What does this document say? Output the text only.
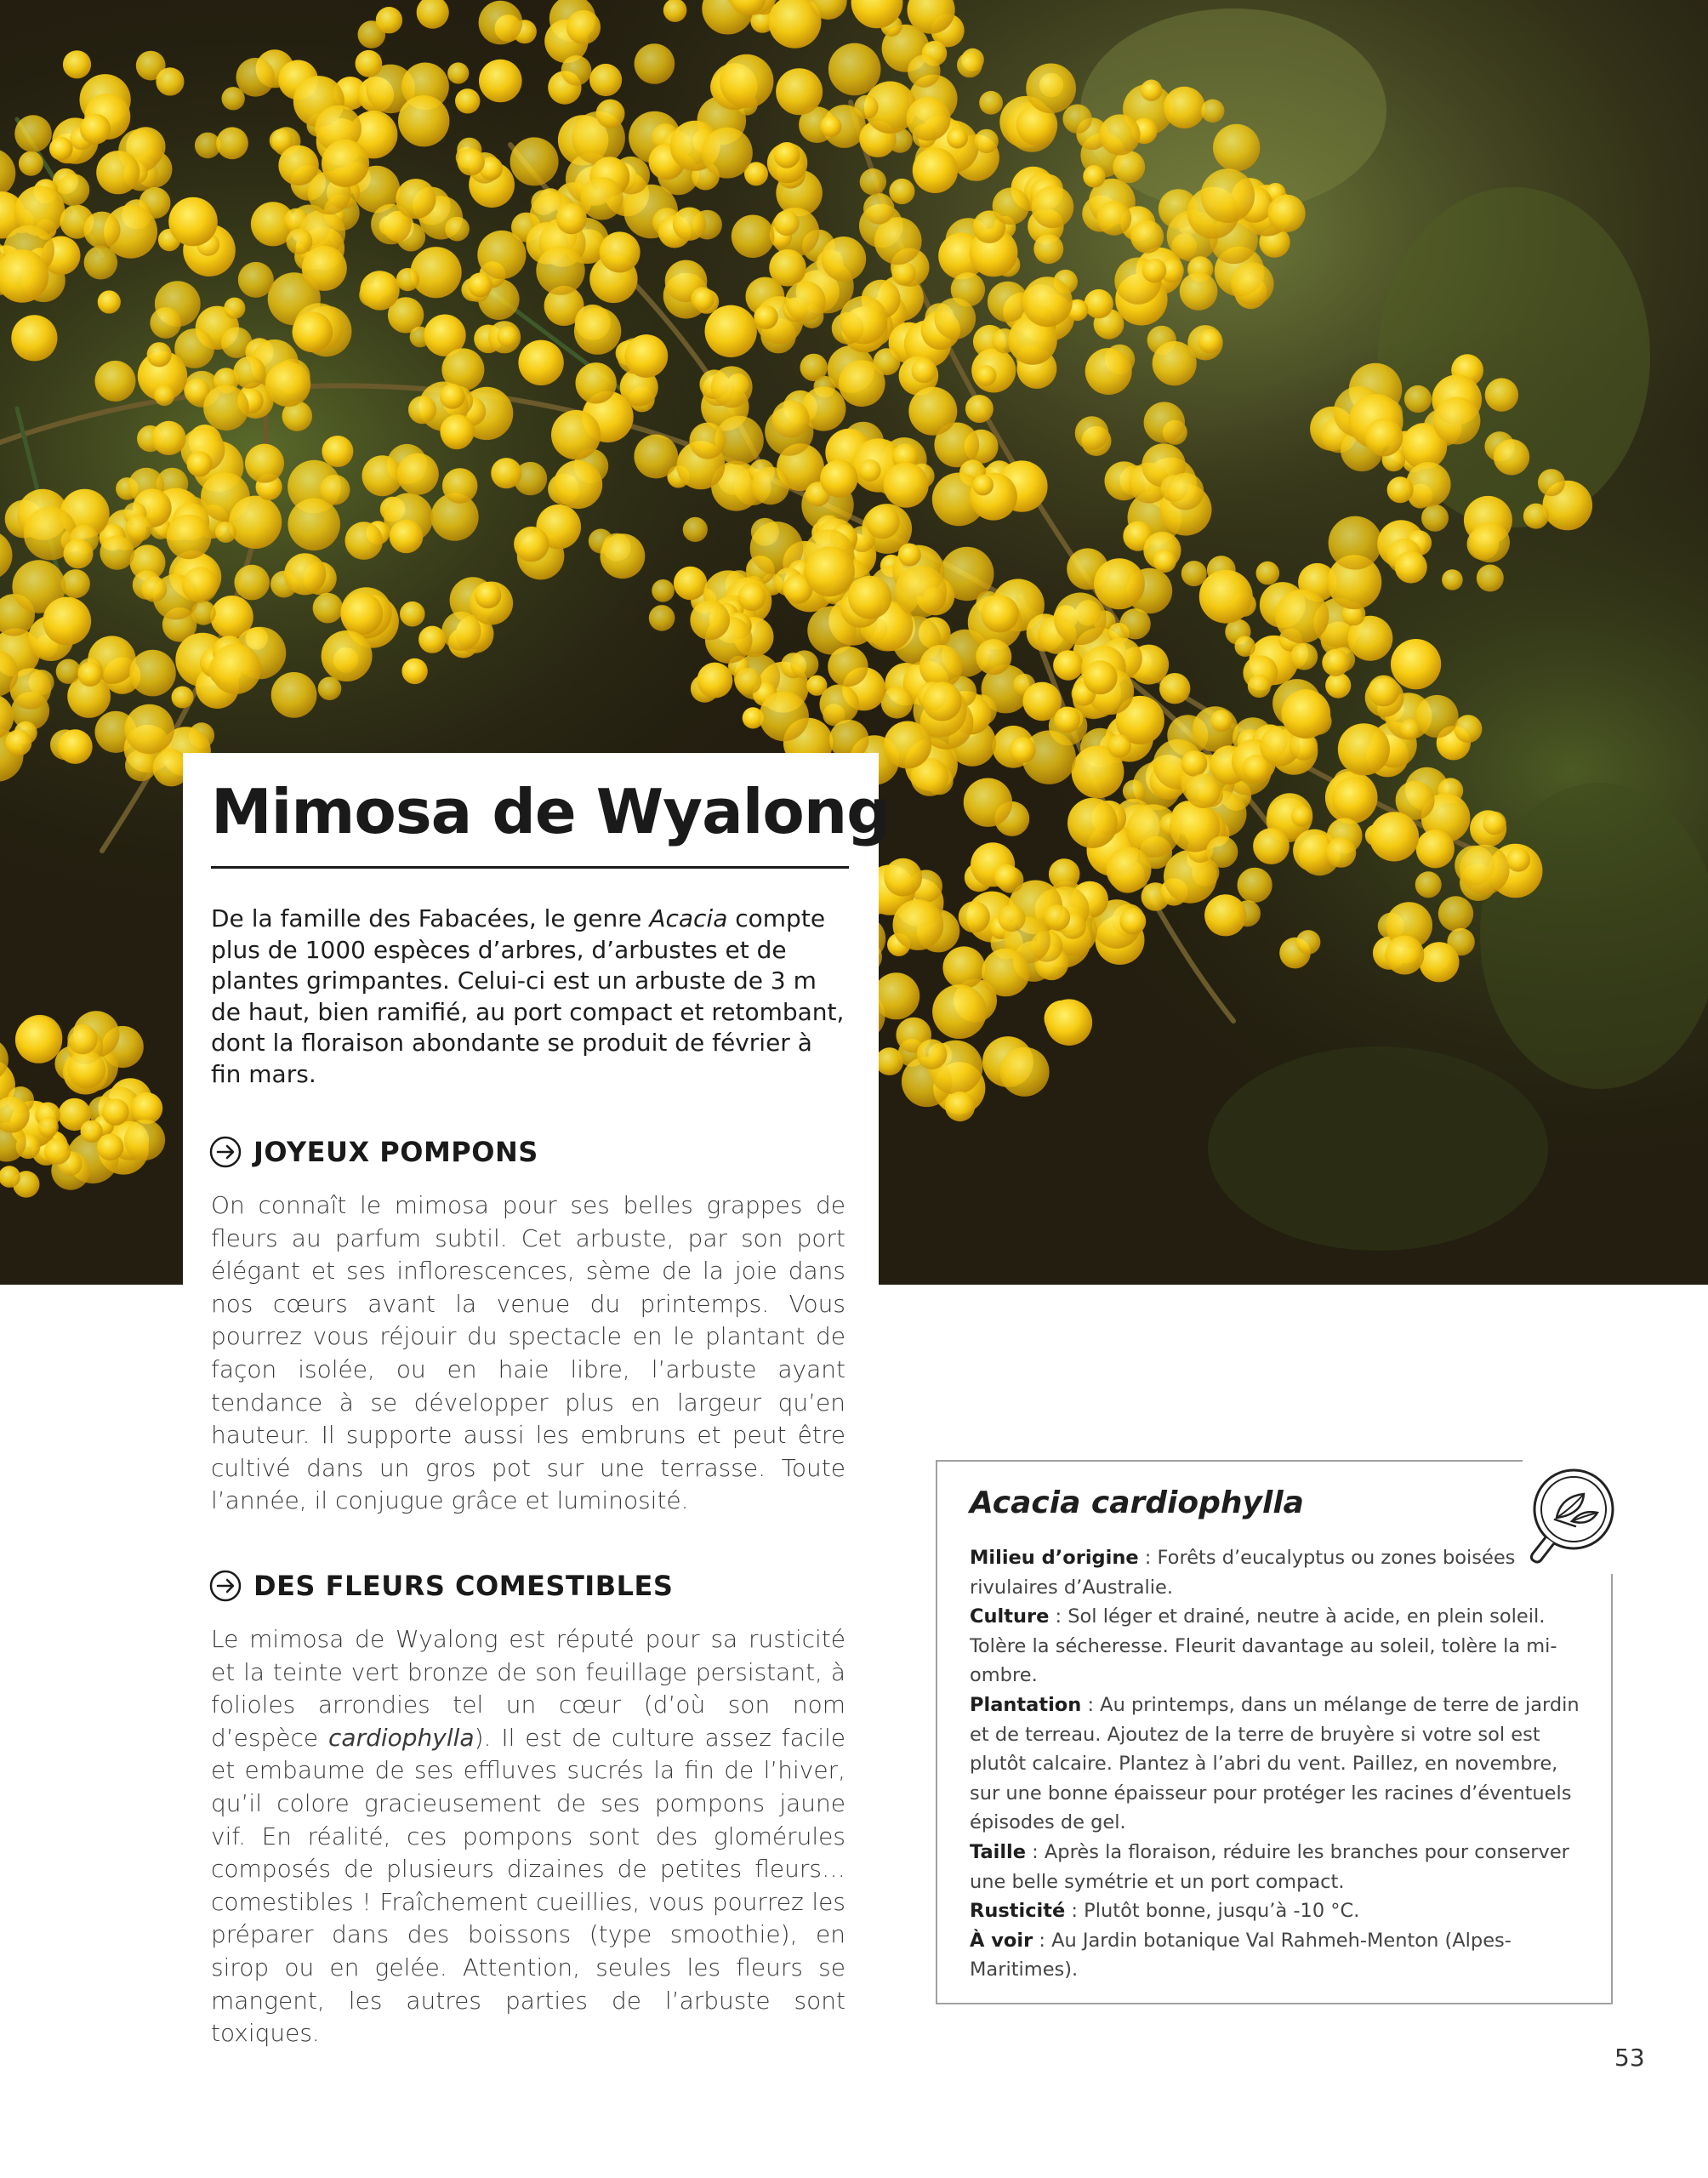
Mimosa de Wyalong

De la famille des Fabacées, le genre Acacia compte plus de 1000 espèces d’arbres, d’arbustes et de plantes grimpantes. Celui-ci est un arbuste de 3 m de haut, bien ramifié, au port compact et retombant, dont la floraison abondante se produit de février à fin mars.

JOYEUX POMPONS

On connaît le mimosa pour ses belles grappes de fleurs au parfum subtil. Cet arbuste, par son port élégant et ses inflorescences, sème de la joie dans nos cœurs avant la venue du printemps. Vous pourrez vous réjouir du spectacle en le plantant de façon isolée, ou en haie libre, l’arbuste ayant tendance à se développer plus en largeur qu’en hauteur. Il supporte aussi les embruns et peut être cultivé dans un gros pot sur une terrasse. Toute l’année, il conjugue grâce et luminosité.

DES FLEURS COMESTIBLES

Le mimosa de Wyalong est réputé pour sa rusticité et la teinte vert bronze de son feuillage persistant, à folioles arrondies tel un cœur (d’où son nom d’espèce cardiophylla). Il est de culture assez facile et embaume de ses effluves sucrés la fin de l’hiver, qu’il colore gracieusement de ses pompons jaune vif. En réalité, ces pompons sont des glomérules composés de plusieurs dizaines de petites fleurs… comestibles ! Fraîchement cueillies, vous pourrez les préparer dans des boissons (type smoothie), en sirop ou en gelée. Attention, seules les fleurs se mangent, les autres parties de l’arbuste sont toxiques.

Acacia cardiophylla

Milieu d’origine : Forêts d’eucalyptus ou zones boisées rivulaires d’Australie.
Culture : Sol léger et drainé, neutre à acide, en plein soleil. Tolère la sécheresse. Fleurit davantage au soleil, tolère la mi-ombre.
Plantation : Au printemps, dans un mélange de terre de jardin et de terreau. Ajoutez de la terre de bruyère si votre sol est plutôt calcaire. Plantez à l’abri du vent. Paillez, en novembre, sur une bonne épaisseur pour protéger les racines d’éventuels épisodes de gel.
Taille : Après la floraison, réduire les branches pour conserver une belle symétrie et un port compact.
Rusticité : Plutôt bonne, jusqu’à -10 °C.
À voir : Au Jardin botanique Val Rahmeh-Menton (Alpes-Maritimes).

53
